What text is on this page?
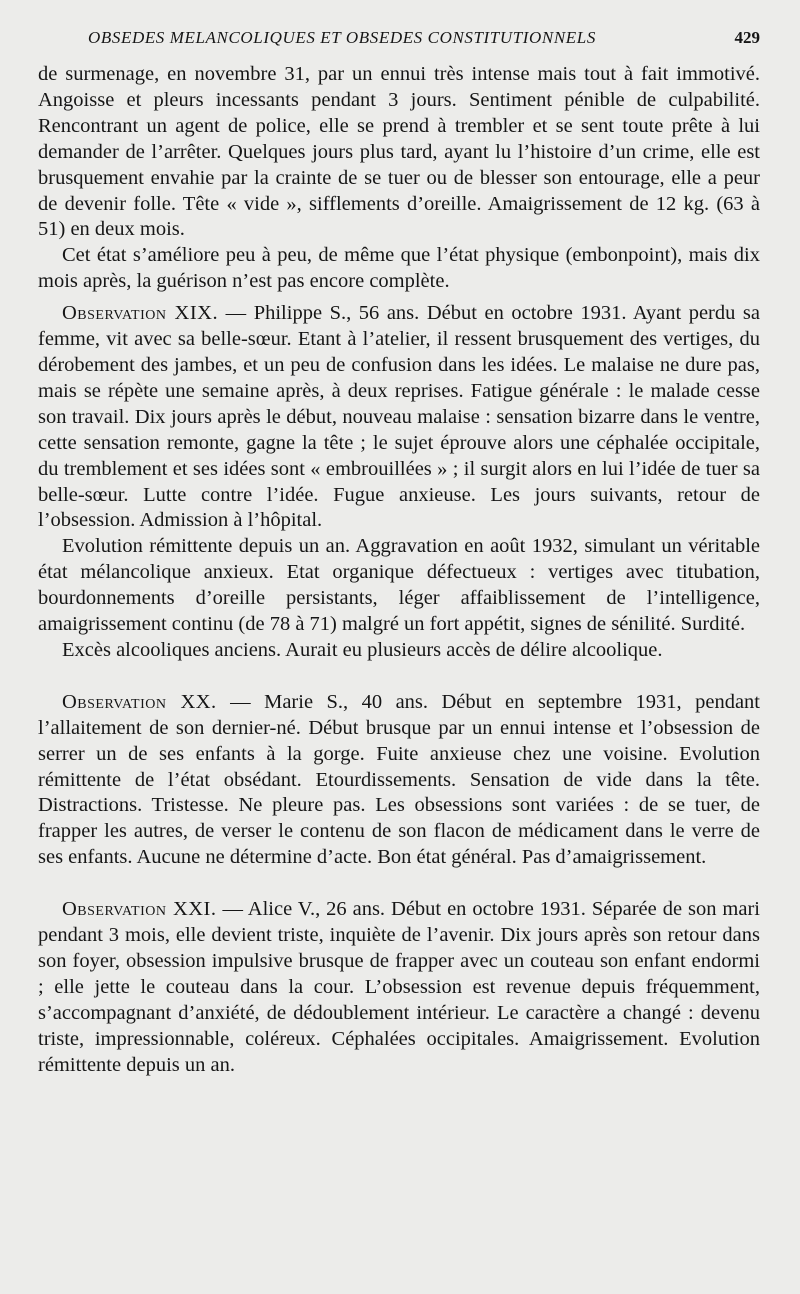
OBSEDES MELANCOLIQUES ET OBSEDES CONSTITUTIONNELS	429

de surmenage, en novembre 31, par un ennui très intense mais tout à fait immotivé. Angoisse et pleurs incessants pendant 3 jours. Sentiment pénible de culpabilité. Rencontrant un agent de police, elle se prend à trembler et se sent toute prête à lui demander de l’arrêter. Quelques jours plus tard, ayant lu l’histoire d’un crime, elle est brusquement envahie par la crainte de se tuer ou de blesser son entourage, elle a peur de devenir folle. Tête « vide », sifflements d’oreille. Amaigrissement de 12 kg. (63 à 51) en deux mois.

Cet état s’améliore peu à peu, de même que l’état physique (embonpoint), mais dix mois après, la guérison n’est pas encore complète.

Observation XIX. — Philippe S., 56 ans. Début en octobre 1931. Ayant perdu sa femme, vit avec sa belle-sœur. Etant à l’atelier, il ressent brusquement des vertiges, du dérobement des jambes, et un peu de confusion dans les idées. Le malaise ne dure pas, mais se répète une semaine après, à deux reprises. Fatigue générale : le malade cesse son travail. Dix jours après le début, nouveau malaise : sensation bizarre dans le ventre, cette sensation remonte, gagne la tête ; le sujet éprouve alors une céphalée occipitale, du tremblement et ses idées sont « embrouillées » ; il surgit alors en lui l’idée de tuer sa belle-sœur. Lutte contre l’idée. Fugue anxieuse. Les jours suivants, retour de l’obsession. Admission à l’hôpital.

Evolution rémittente depuis un an. Aggravation en août 1932, simulant un véritable état mélancolique anxieux. Etat organique défectueux : vertiges avec titubation, bourdonnements d’oreille persistants, léger affaiblissement de l’intelligence, amaigrissement continu (de 78 à 71) malgré un fort appétit, signes de sénilité. Surdité.

Excès alcooliques anciens. Aurait eu plusieurs accès de délire alcoolique.

Observation XX. — Marie S., 40 ans. Début en septembre 1931, pendant l’allaitement de son dernier-né. Début brusque par un ennui intense et l’obsession de serrer un de ses enfants à la gorge. Fuite anxieuse chez une voisine. Evolution rémittente de l’état obsédant. Etourdissements. Sensation de vide dans la tête. Distractions. Tristesse. Ne pleure pas. Les obsessions sont variées : de se tuer, de frapper les autres, de verser le contenu de son flacon de médicament dans le verre de ses enfants. Aucune ne détermine d’acte. Bon état général. Pas d’amaigrissement.

Observation XXI. — Alice V., 26 ans. Début en octobre 1931. Séparée de son mari pendant 3 mois, elle devient triste, inquiète de l’avenir. Dix jours après son retour dans son foyer, obsession impulsive brusque de frapper avec un couteau son enfant endormi ; elle jette le couteau dans la cour. L’obsession est revenue depuis fréquemment, s’accompagnant d’anxiété, de dédoublement intérieur. Le caractère a changé : devenu triste, impressionnable, coléreux. Céphalées occipitales. Amaigrissement. Evolution rémittente depuis un an.
